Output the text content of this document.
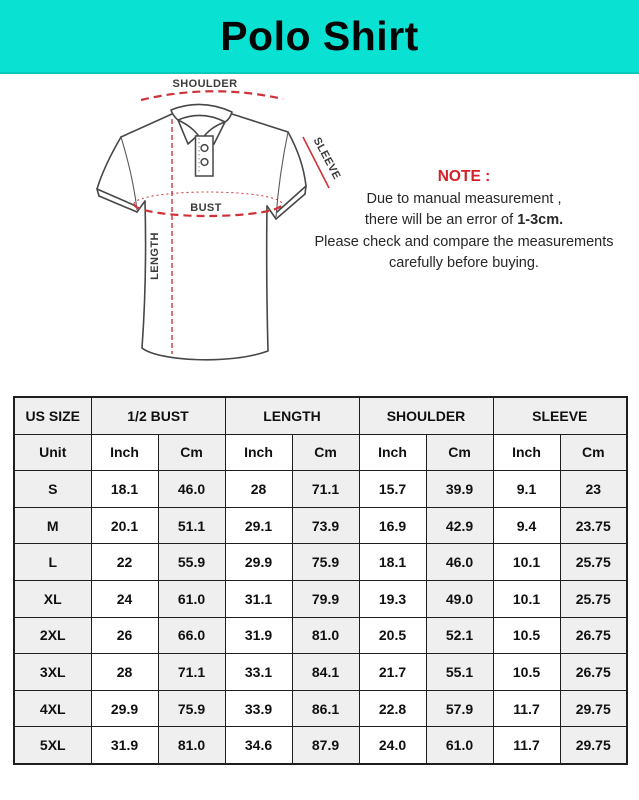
Polo Shirt
SHOULDER
BUST
LENGTH
SLEEVE	NOTE :
Due to manual measurement ,
there will be an error of 1-3cm.
Please check and compare the measurements
carefully before buying.
US SIZE	1/2 BUST		LENGTH		SHOULDER		SLEEVE	
Unit	Inch	Cm	Inch	Cm	Inch	Cm	Inch	Cm
S	18.1	46.0	28	71.1	15.7	39.9	9.1	23
M	20.1	51.1	29.1	73.9	16.9	42.9	9.4	23.75
L	22	55.9	29.9	75.9	18.1	46.0	10.1	25.75
XL	24	61.0	31.1	79.9	19.3	49.0	10.1	25.75
2XL	26	66.0	31.9	81.0	20.5	52.1	10.5	26.75
3XL	28	71.1	33.1	84.1	21.7	55.1	10.5	26.75
4XL	29.9	75.9	33.9	86.1	22.8	57.9	11.7	29.75
5XL	31.9	81.0	34.6	87.9	24.0	61.0	11.7	29.75
